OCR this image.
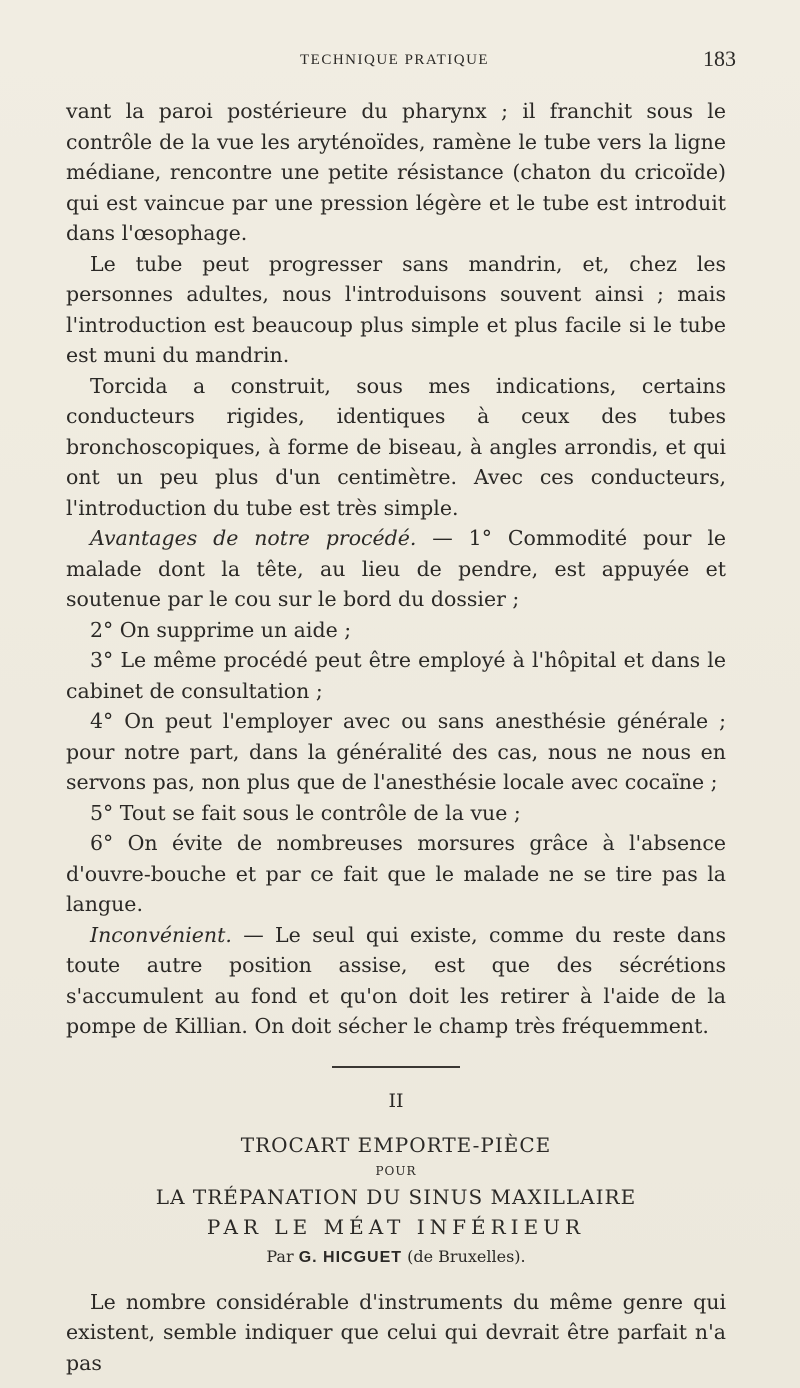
TECHNIQUE PRATIQUE	183

vant la paroi postérieure du pharynx ; il franchit sous le contrôle de la vue les aryténoïdes, ramène le tube vers la ligne médiane, rencontre une petite résistance (chaton du cricoïde) qui est vaincue par une pression légère et le tube est introduit dans l'œsophage.

Le tube peut progresser sans mandrin, et, chez les personnes adultes, nous l'introduisons souvent ainsi ; mais l'introduction est beaucoup plus simple et plus facile si le tube est muni du mandrin.

Torcida a construit, sous mes indications, certains conducteurs rigides, identiques à ceux des tubes bronchoscopiques, à forme de biseau, à angles arrondis, et qui ont un peu plus d'un centimètre. Avec ces conducteurs, l'introduction du tube est très simple.

Avantages de notre procédé. — 1° Commodité pour le malade dont la tête, au lieu de pendre, est appuyée et soutenue par le cou sur le bord du dossier ;

2° On supprime un aide ;

3° Le même procédé peut être employé à l'hôpital et dans le cabinet de consultation ;

4° On peut l'employer avec ou sans anesthésie générale ; pour notre part, dans la généralité des cas, nous ne nous en servons pas, non plus que de l'anesthésie locale avec cocaïne ;

5° Tout se fait sous le contrôle de la vue ;

6° On évite de nombreuses morsures grâce à l'absence d'ouvre-bouche et par ce fait que le malade ne se tire pas la langue.

Inconvénient. — Le seul qui existe, comme du reste dans toute autre position assise, est que des sécrétions s'accumulent au fond et qu'on doit les retirer à l'aide de la pompe de Killian. On doit sécher le champ très fréquemment.

II
TROCART EMPORTE-PIÈCE
POUR
LA TRÉPANATION DU SINUS MAXILLAIRE
PAR LE MÉAT INFÉRIEUR
Par G. HICGUET (de Bruxelles).

Le nombre considérable d'instruments du même genre qui existent, semble indiquer que celui qui devrait être parfait n'a pas
